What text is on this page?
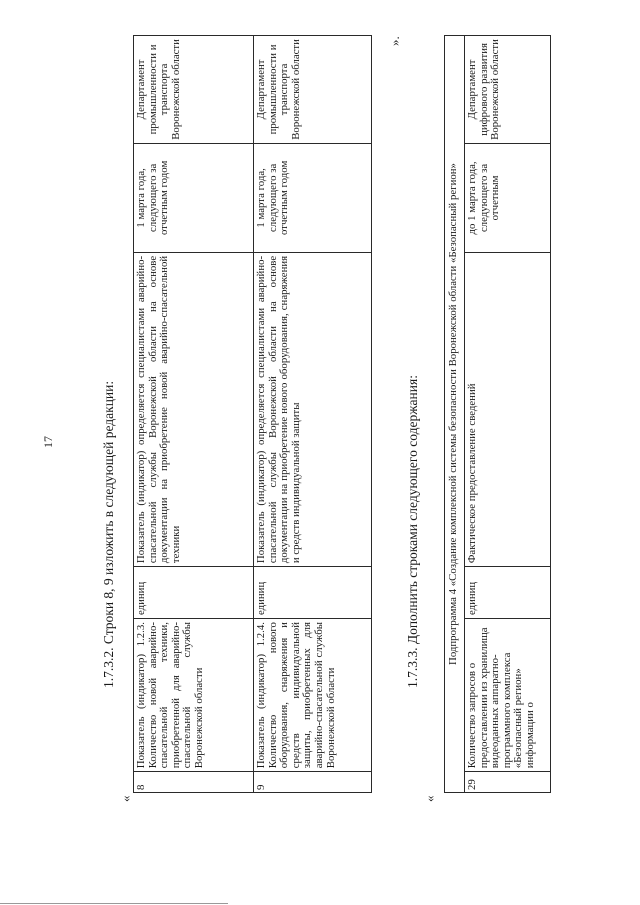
17	1.7.3.2. Строки 8, 9 изложить в следующей редакции:
«
8	Показатель (индикатор) 1.2.3. Количество новой аварийно-спасательной техники, приобретенной для аварийно-спасательной службы Воронежской области	единиц	Показатель (индикатор) определяется специалистами аварийно-спасательной службы Воронежской области на основе документации на приобретение новой аварийно-спасательной техники	1 марта года, следующего за отчетным годом	Департамент промышленности и транспорта Воронежской области
9	Показатель (индикатор) 1.2.4. Количество нового оборудования, снаряжения и средств индивидуальной защиты, приобретенных для аварийно-спасательной службы Воронежской области	единиц	Показатель (индикатор) определяется специалистами аварийно-спасательной службы Воронежской области на основе документации на приобретение нового оборудования, снаряжения и средств индивидуальной защиты	1 марта года, следующего за отчетным годом	Департамент промышленности и транспорта Воронежской области	».
1.7.3.3. Дополнить строками следующего содержания:
«
Подпрограмма 4 «Создание комплексной системы безопасности Воронежской области «Безопасный регион»
29	Количество запросов о предоставлении из хранилища видеоданных аппаратно-программного комплекса «Безопасный регион» информации о	единиц	Фактическое предоставление сведений	до 1 марта года, следующего за отчетным	Департамент цифрового развития Воронежской области
